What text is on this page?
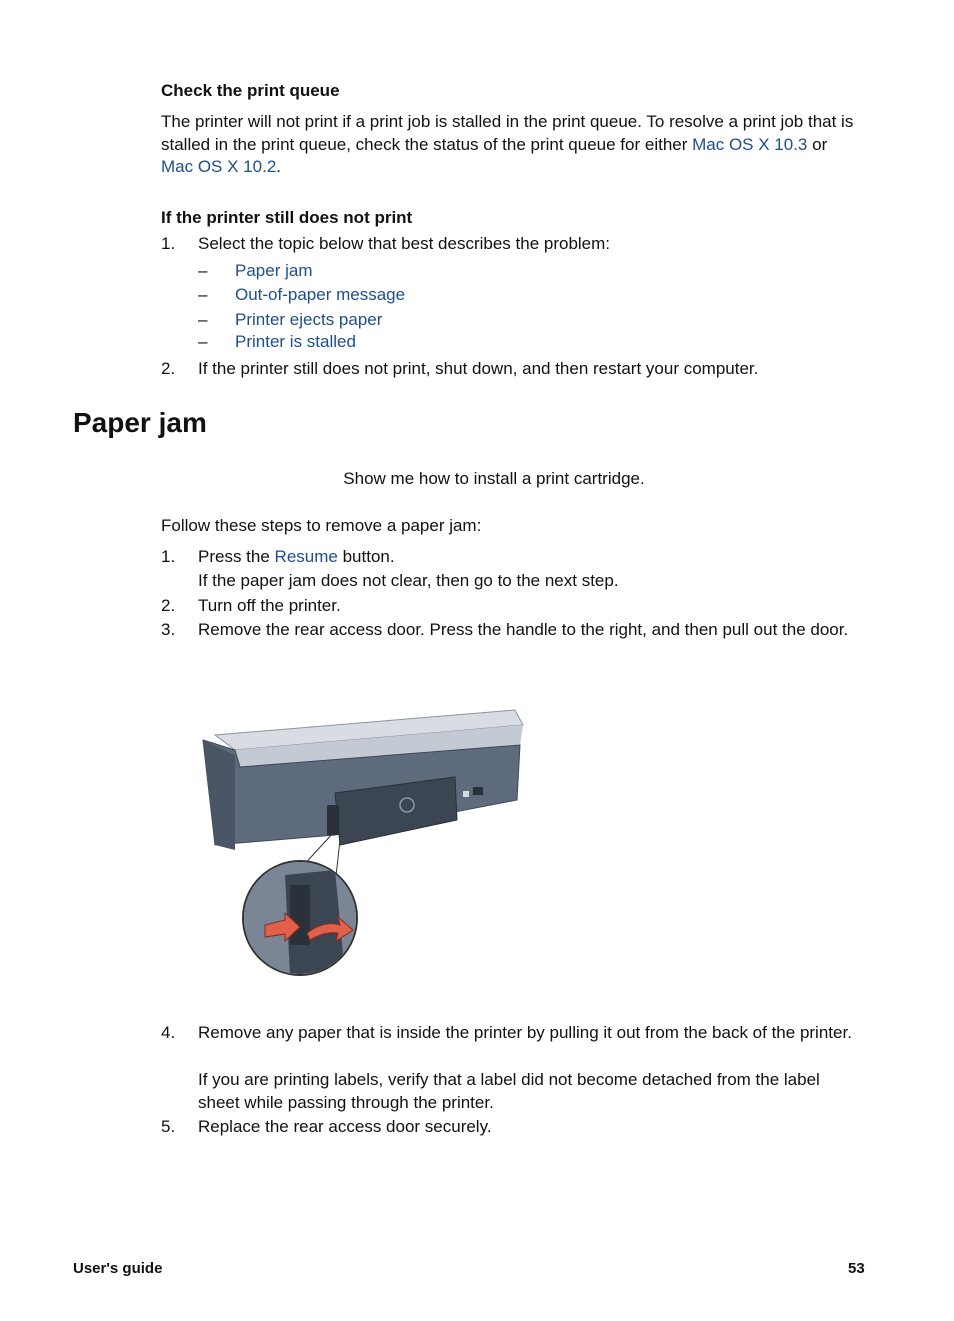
Check the print queue
The printer will not print if a print job is stalled in the print queue. To resolve a print job that is stalled in the print queue, check the status of the print queue for either Mac OS X 10.3 or Mac OS X 10.2.
If the printer still does not print
1. Select the topic below that best describes the problem:
– Paper jam
– Out-of-paper message
– Printer ejects paper
– Printer is stalled
2. If the printer still does not print, shut down, and then restart your computer.
Paper jam
Show me how to install a print cartridge.
Follow these steps to remove a paper jam:
1. Press the Resume button.
If the paper jam does not clear, then go to the next step.
2. Turn off the printer.
3. Remove the rear access door. Press the handle to the right, and then pull out the door.
4. Remove any paper that is inside the printer by pulling it out from the back of the printer.
If you are printing labels, verify that a label did not become detached from the label sheet while passing through the printer.
5. Replace the rear access door securely.
User's guide	53
